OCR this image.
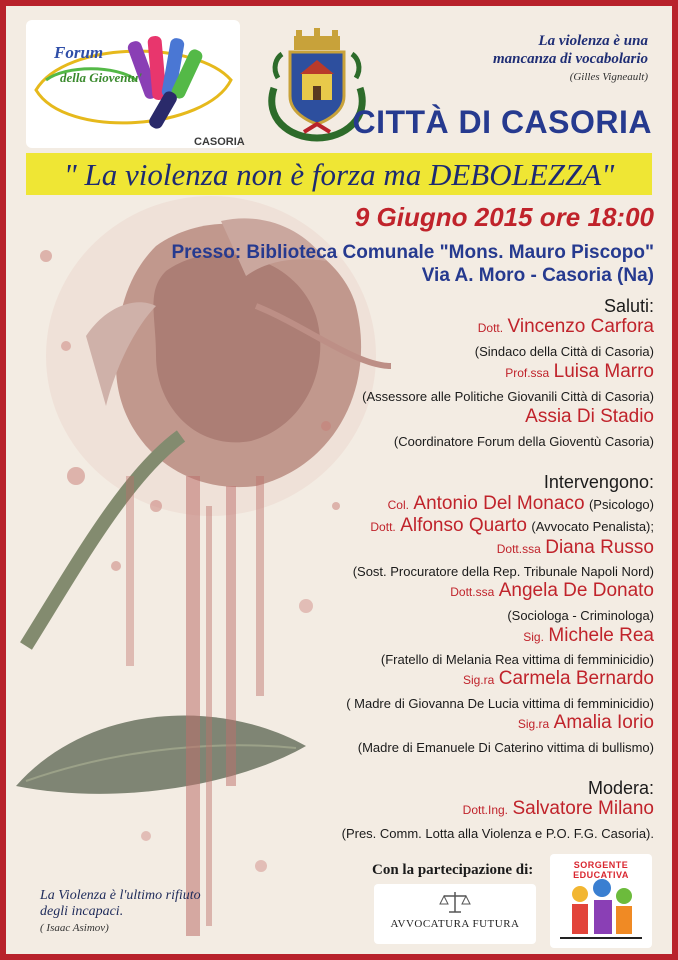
Forum
della Gioventu'
CASORIA
La violenza è una
mancanza di vocabolario
(Gilles Vigneault)
CITTÀ DI CASORIA
" La violenza non è forza ma DEBOLEZZA"
9 Giugno 2015 ore 18:00
Presso: Biblioteca Comunale "Mons. Mauro Piscopo"
Via A. Moro - Casoria (Na)
Saluti:
Dott. Vincenzo Carfora
(Sindaco della Città di Casoria)
Prof.ssa Luisa Marro
(Assessore alle Politiche Giovanili Città di Casoria)
Assia Di Stadio
(Coordinatore Forum della Gioventù Casoria)
Intervengono:
Col. Antonio Del Monaco (Psicologo)
Dott. Alfonso Quarto (Avvocato Penalista);
Dott.ssa Diana Russo
(Sost. Procuratore della Rep. Tribunale Napoli Nord)
Dott.ssa Angela De Donato
(Sociologa - Criminologa)
Sig. Michele Rea
(Fratello di Melania Rea vittima di femminicidio)
Sig.ra Carmela Bernardo
( Madre di Giovanna De Lucia vittima di femminicidio)
Sig.ra Amalia Iorio
(Madre di Emanuele Di Caterino vittima di bullismo)
Modera:
Dott.Ing. Salvatore Milano
(Pres. Comm. Lotta alla Violenza e P.O. F.G. Casoria).
Con la partecipazione di:
AVVOCATURA FUTURA
SORGENTE EDUCATIVA
La Violenza è l'ultimo rifiuto
degli incapaci.
( Isaac Asimov)
